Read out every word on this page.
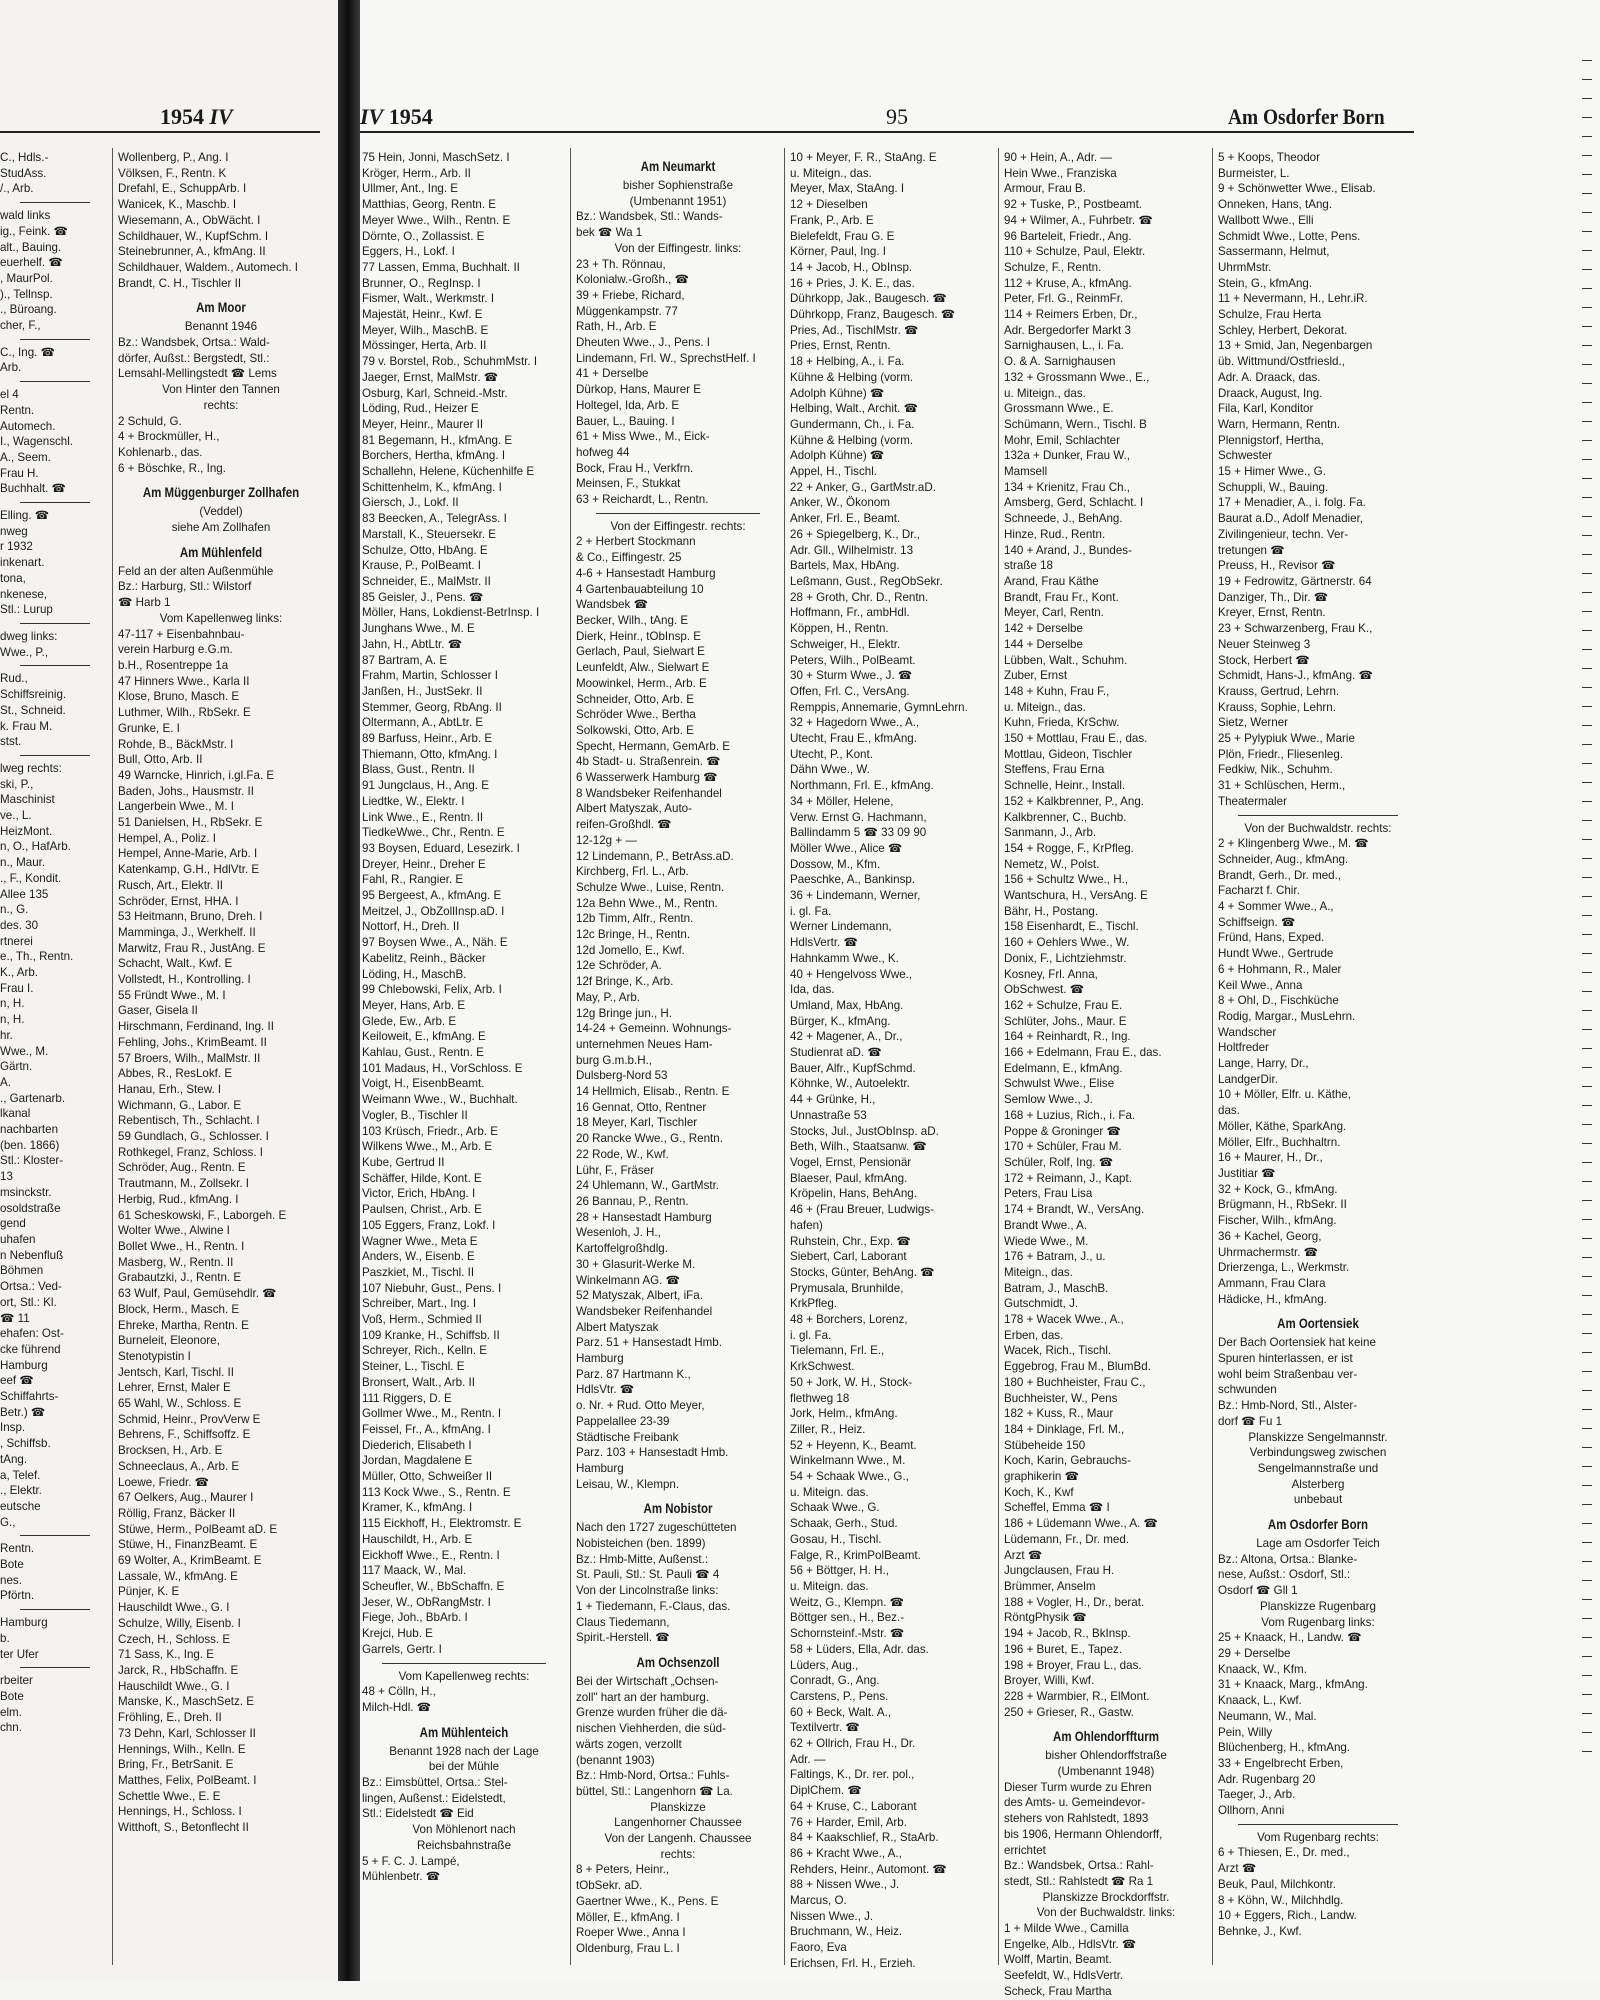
1954 IV
C., Hdls.-
StudAss.
/., Arb.
wald links
ig., Feink. ☎
alt., Bauing.
euerhelf. ☎
, MaurPol.
)., Tellnsp.
., Büroang.
cher, F.,
C., Ing. ☎
Arb.
el 4
Rentn.
Automech.
I., Wagenschl.
A., Seem.
Frau H.
Buchhalt. ☎
Elling. ☎
nweg
r 1932
inkenart.
tona,
nkenese,
Stl.: Lurup
dweg links:
Wwe., P.,
Rud.,
Schiffsreinig.
St., Schneid.
k. Frau M.
stst.
lweg rechts:
ski, P.,
Maschinist
ve., L.
HeizMont.
n, O., HafArb.
n., Maur.
., F., Kondit.
Allee 135
n., G.
des. 30
rtnerei
e., Th., Rentn.
K., Arb.
Frau I.
n, H.
n, H.
hr.
Wwe., M.
Gärtn.
A.
., Gartenarb.
lkanal
nachbarten
(ben. 1866)
Stl.: Kloster-
13
msinckstr.
osoldstraße
gend
uhafen
n Nebenfluß
Böhmen
Ortsa.: Ved-
ort, Stl.: Kl.
☎ 11
ehafen: Ost-
cke führend
Hamburg
eef ☎
Schiffahrts-
Betr.) ☎
Insp.
, Schiffsb.
tAng.
a, Telef.
., Elektr.
eutsche
G.,
Rentn.
Bote
nes.
Pförtn.
Hamburg
b.
ter Ufer
rbeiter
Bote
elm.
chn.
Wollenberg, P., Ang. I
Völksen, F., Rentn. K
Drefahl, E., SchuppArb. I
Wanicek, K., Maschb. I
Wiesemann, A., ObWächt. I
Schildhauer, W., KupfSchm. I
Steinebrunner, A., kfmAng. II
Schildhauer, Waldem., Automech. I
Brandt, C. H., Tischler II
Am Moor
Benannt 1946
Bz.: Wandsbek, Ortsa.: Wald-
dörfer, Außst.: Bergstedt, Stl.:
Lemsahl-Mellingstedt ☎ Lems
Von Hinter den Tannen
rechts:
2 Schuld, G.
4 + Brockmüller, H.,
Kohlenarb., das.
6 + Böschke, R., Ing.
Am Müggenburger Zollhafen
(Veddel)
siehe Am Zollhafen
Am Mühlenfeld
Feld an der alten Außenmühle
Bz.: Harburg, Stl.: Wilstorf
☎ Harb 1
Vom Kapellenweg links:
47-117 + Eisenbahnbau-
verein Harburg e.G.m.
b.H., Rosentreppe 1a
47 Hinners Wwe., Karla II
Klose, Bruno, Masch. E
Luthmer, Wilh., RbSekr. E
Grunke, E. I
Rohde, B., BäckMstr. I
Bull, Otto, Arb. II
49 Warncke, Hinrich, i.gl.Fa. E
Baden, Johs., Hausmstr. II
Langerbein Wwe., M. I
51 Danielsen, H., RbSekr. E
Hempel, A., Poliz. I
Hempel, Anne-Marie, Arb. I
Katenkamp, G.H., HdlVtr. E
Rusch, Art., Elektr. II
Schröder, Ernst, HHA. I
53 Heitmann, Bruno, Dreh. I
Mamminga, J., Werkhelf. II
Marwitz, Frau R., JustAng. E
Schacht, Walt., Kwf. E
Vollstedt, H., Kontrolling. I
55 Fründt Wwe., M. I
Gaser, Gisela II
Hirschmann, Ferdinand, Ing. II
Fehling, Johs., KrimBeamt. II
57 Broers, Wilh., MalMstr. II
Abbes, R., ResLokf. E
Hanau, Erh., Stew. I
Wichmann, G., Labor. E
Rebentisch, Th., Schlacht. I
59 Gundlach, G., Schlosser. I
Rothkegel, Franz, Schloss. I
Schröder, Aug., Rentn. E
Trautmann, M., Zollsekr. I
Herbig, Rud., kfmAng. I
61 Scheskowski, F., Laborgeh. E
Wolter Wwe., Alwine I
Bollet Wwe., H., Rentn. I
Masberg, W., Rentn. II
Grabautzki, J., Rentn. E
63 Wulf, Paul, Gemüsehdlr. ☎
Block, Herm., Masch. E
Ehreke, Martha, Rentn. E
Burneleit, Eleonore,
Stenotypistin I
Jentsch, Karl, Tischl. II
Lehrer, Ernst, Maler E
65 Wahl, W., Schloss. E
Schmid, Heinr., ProvVerw E
Behrens, F., Schiffsoffz. E
Brocksen, H., Arb. E
Schneeclaus, A., Arb. E
Loewe, Friedr. ☎
67 Oelkers, Aug., Maurer I
Röllig, Franz, Bäcker II
Stüwe, Herm., PolBeamt aD. E
Stüwe, H., FinanzBeamt. E
69 Wolter, A., KrimBeamt. E
Lassale, W., kfmAng. E
Pünjer, K. E
Hauschildt Wwe., G. I
Schulze, Willy, Eisenb. I
Czech, H., Schloss. E
71 Sass, K., Ing. E
Jarck, R., HbSchaffn. E
Hauschildt Wwe., G. I
Manske, K., MaschSetz. E
Fröhling, E., Dreh. II
73 Dehn, Karl, Schlosser II
Hennings, Wilh., Kelln. E
Bring, Fr., BetrSanit. E
Matthes, Felix, PolBeamt. I
Schettle Wwe., E. E
Hennings, H., Schloss. I
Witthoft, S., Betonflecht II
IV 1954	95	Am Osdorfer Born
75 Hein, Jonni, MaschSetz. I
Kröger, Herm., Arb. II
Ullmer, Ant., Ing. E
Matthias, Georg, Rentn. E
Meyer Wwe., Wilh., Rentn. E
Dörnte, O., Zollassist. E
Eggers, H., Lokf. I
77 Lassen, Emma, Buchhalt. II
Brunner, O., RegInsp. I
Fismer, Walt., Werkmstr. I
Majestät, Heinr., Kwf. E
Meyer, Wilh., MaschB. E
Mössinger, Herta, Arb. II
79 v. Borstel, Rob., SchuhmMstr. I
Jaeger, Ernst, MalMstr. ☎
Osburg, Karl, Schneid.-Mstr.
Löding, Rud., Heizer E
Meyer, Heinr., Maurer II
81 Begemann, H., kfmAng. E
Borchers, Hertha, kfmAng. I
Schallehn, Helene, Küchenhilfe E
Schittenhelm, K., kfmAng. I
Giersch, J., Lokf. II
83 Beecken, A., TelegrAss. I
Marstall, K., Steuersekr. E
Schulze, Otto, HbAng. E
Krause, P., PolBeamt. I
Schneider, E., MalMstr. II
85 Geisler, J., Pens. ☎
Möller, Hans, Lokdienst-BetrInsp. I
Junghans Wwe., M. E
Jahn, H., AbtLtr. ☎
87 Bartram, A. E
Frahm, Martin, Schlosser I
Janßen, H., JustSekr. II
Stemmer, Georg, RbAng. II
Oltermann, A., AbtLtr. E
89 Barfuss, Heinr., Arb. E
Thiemann, Otto, kfmAng. I
Blass, Gust., Rentn. II
91 Jungclaus, H., Ang. E
Liedtke, W., Elektr. I
Link Wwe., E., Rentn. II
TiedkeWwe., Chr., Rentn. E
93 Boysen, Eduard, Lesezirk. I
Dreyer, Heinr., Dreher E
Fahl, R., Rangier. E
95 Bergeest, A., kfmAng. E
Meitzel, J., ObZollInsp.aD. I
Nottorf, H., Dreh. II
97 Boysen Wwe., A., Näh. E
Kabelitz, Reinh., Bäcker
Löding, H., MaschB.
99 Chlebowski, Felix, Arb. I
Meyer, Hans, Arb. E
Glede, Ew., Arb. E
Keiloweit, E., kfmAng. E
Kahlau, Gust., Rentn. E
101 Madaus, H., VorSchloss. E
Voigt, H., EisenbBeamt.
Weimann Wwe., W., Buchhalt.
Vogler, B., Tischler II
103 Krüsch, Friedr., Arb. E
Wilkens Wwe., M., Arb. E
Kube, Gertrud II
Schäffer, Hilde, Kont. E
Victor, Erich, HbAng. I
Paulsen, Christ., Arb. E
105 Eggers, Franz, Lokf. I
Wagner Wwe., Meta E
Anders, W., Eisenb. E
Paszkiet, M., Tischl. II
107 Niebuhr, Gust., Pens. I
Schreiber, Mart., Ing. I
Voß, Herm., Schmied II
109 Kranke, H., Schiffsb. II
Schreyer, Rich., Kelln. E
Steiner, L., Tischl. E
Bronsert, Walt., Arb. II
111 Riggers, D. E
Gollmer Wwe., M., Rentn. I
Feissel, Fr., A., kfmAng. I
Diederich, Elisabeth I
Jordan, Magdalene E
Müller, Otto, Schweißer II
113 Kock Wwe., S., Rentn. E
Kramer, K., kfmAng. I
115 Eickhoff, H., Elektromstr. E
Hauschildt, H., Arb. E
Eickhoff Wwe., E., Rentn. I
117 Maack, W., Mal.
Scheufler, W., BbSchaffn. E
Jeser, W., ObRangMstr. I
Fiege, Joh., BbArb. I
Krejci, Hub. E
Garrels, Gertr. I
Vom Kapellenweg rechts:
48 + Cölln, H.,
Milch-Hdl. ☎
Am Mühlenteich
Benannt 1928 nach der Lage
bei der Mühle
Bz.: Eimsbüttel, Ortsa.: Stel-
lingen, Außenst.: Eidelstedt,
Stl.: Eidelstedt ☎ Eid
Von Möhlenort nach
Reichsbahnstraße
5 + F. C. J. Lampé,
Mühlenbetr. ☎
Am Neumarkt
bisher Sophienstraße
(Umbenannt 1951)
Bz.: Wandsbek, Stl.: Wands-
bek ☎ Wa 1
Von der Eiffingestr. links:
23 + Th. Rönnau,
Kolonialw.-Großh., ☎
39 + Friebe, Richard,
Müggenkampstr. 77
Rath, H., Arb. E
Dheuten Wwe., J., Pens. I
Lindemann, Frl. W., SprechstHelf. I
41 + Derselbe
Dürkop, Hans, Maurer E
Holtegel, Ida, Arb. E
Bauer, L., Bauing. I
61 + Miss Wwe., M., Eick-
hofweg 44
Bock, Frau H., Verkfrn.
Meinsen, F., Stukkat
63 + Reichardt, L., Rentn.
Von der Eiffingestr. rechts:
2 + Herbert Stockmann
& Co., Eiffingestr. 25
4-6 + Hansestadt Hamburg
4 Gartenbauabteilung 10
Wandsbek ☎
Becker, Wilh., tAng. E
Dierk, Heinr., tObInsp. E
Gerlach, Paul, Sielwart E
Leunfeldt, Alw., Sielwart E
Moowinkel, Herm., Arb. E
Schneider, Otto, Arb. E
Schröder Wwe., Bertha
Solkowski, Otto, Arb. E
Specht, Hermann, GemArb. E
4b Stadt- u. Straßenrein. ☎
6 Wasserwerk Hamburg ☎
8 Wandsbeker Reifenhandel
Albert Matyszak, Auto-
reifen-Großhdl. ☎
12-12g + —
12 Lindemann, P., BetrAss.aD.
Kirchberg, Frl. L., Arb.
Schulze Wwe., Luise, Rentn.
12a Behn Wwe., M., Rentn.
12b Timm, Alfr., Rentn.
12c Bringe, H., Rentn.
12d Jomello, E., Kwf.
12e Schröder, A.
12f Bringe, K., Arb.
May, P., Arb.
12g Bringe jun., H.
14-24 + Gemeinn. Wohnungs-
unternehmen Neues Ham-
burg G.m.b.H.,
Dulsberg-Nord 53
14 Hellmich, Elisab., Rentn. E
16 Gennat, Otto, Rentner
18 Meyer, Karl, Tischler
20 Rancke Wwe., G., Rentn.
22 Rode, W., Kwf.
Lühr, F., Fräser
24 Uhlemann, W., GartMstr.
26 Bannau, P., Rentn.
28 + Hansestadt Hamburg
Wesenloh, J. H.,
Kartoffelgroßhdlg.
30 + Glasurit-Werke M.
Winkelmann AG. ☎
52 Matyszak, Albert, iFa.
Wandsbeker Reifenhandel
Albert Matyszak
Parz. 51 + Hansestadt Hmb.
Hamburg
Parz. 87 Hartmann K.,
HdlsVtr. ☎
o. Nr. + Rud. Otto Meyer,
Pappelallee 23-39
Städtische Freibank
Parz. 103 + Hansestadt Hmb.
Hamburg
Leisau, W., Klempn.
Am Nobistor
Nach den 1727 zugeschütteten
Nobisteichen (ben. 1899)
Bz.: Hmb-Mitte, Außenst.:
St. Pauli, Stl.: St. Pauli ☎ 4
Von der Lincolnstraße links:
1 + Tiedemann, F.-Claus, das.
Claus Tiedemann,
Spirit.-Herstell. ☎
Am Ochsenzoll
Bei der Wirtschaft „Ochsen-
zoll" hart an der hamburg.
Grenze wurden früher die dä-
nischen Viehherden, die süd-
wärts zogen, verzollt
(benannt 1903)
Bz.: Hmb-Nord, Ortsa.: Fuhls-
büttel, Stl.: Langenhorn ☎ La.
Planskizze
Langenhorner Chaussee
Von der Langenh. Chaussee
rechts:
8 + Peters, Heinr.,
tObSekr. aD.
Gaertner Wwe., K., Pens. E
Möller, E., kfmAng. I
Roeper Wwe., Anna I
Oldenburg, Frau L. I
10 + Meyer, F. R., StaAng. E
u. Miteign., das.
Meyer, Max, StaAng. I
12 + Dieselben
Frank, P., Arb. E
Bielefeldt, Frau G. E
Körner, Paul, Ing. I
14 + Jacob, H., ObInsp.
16 + Pries, J. K. E., das.
Dührkopp, Jak., Baugesch. ☎
Dührkopp, Franz, Baugesch. ☎
Pries, Ad., TischlMstr. ☎
Pries, Ernst, Rentn.
18 + Helbing, A., i. Fa.
Kühne & Helbing (vorm.
Adolph Kühne) ☎
Helbing, Walt., Archit. ☎
Gundermann, Ch., i. Fa.
Kühne & Helbing (vorm.
Adolph Kühne) ☎
Appel, H., Tischl.
22 + Anker, G., GartMstr.aD.
Anker, W., Ökonom
Anker, Frl. E., Beamt.
26 + Spiegelberg, K., Dr.,
Adr. Gll., Wilhelmistr. 13
Bartels, Max, HbAng.
Leßmann, Gust., RegObSekr.
28 + Groth, Chr. D., Rentn.
Hoffmann, Fr., ambHdl.
Köppen, H., Rentn.
Schweiger, H., Elektr.
Peters, Wilh., PolBeamt.
30 + Sturm Wwe., J. ☎
Offen, Frl. C., VersAng.
Remppis, Annemarie, GymnLehrn.
32 + Hagedorn Wwe., A.,
Utecht, Frau E., kfmAng.
Utecht, P., Kont.
Dähn Wwe., W.
Northmann, Frl. E., kfmAng.
34 + Möller, Helene,
Verw. Ernst G. Hachmann,
Ballindamm 5 ☎ 33 09 90
Möller Wwe., Alice ☎
Dossow, M., Kfm.
Paeschke, A., Bankinsp.
36 + Lindemann, Werner,
i. gl. Fa.
Werner Lindemann,
HdlsVertr. ☎
Hahnkamm Wwe., K.
40 + Hengelvoss Wwe.,
Ida, das.
Umland, Max, HbAng.
Bürger, K., kfmAng.
42 + Magener, A., Dr.,
Studienrat aD. ☎
Bauer, Alfr., KupfSchmd.
Köhnke, W., Autoelektr.
44 + Grünke, H.,
Unnastraße 53
Stocks, Jul., JustObInsp. aD.
Beth, Wilh., Staatsanw. ☎
Vogel, Ernst, Pensionär
Blaeser, Paul, kfmAng.
Kröpelin, Hans, BehAng.
46 + (Frau Breuer, Ludwigs-
hafen)
Ruhstein, Chr., Exp. ☎
Siebert, Carl, Laborant
Stocks, Günter, BehAng. ☎
Prymusala, Brunhilde,
KrkPfleg.
48 + Borchers, Lorenz,
i. gl. Fa.
Tielemann, Frl. E.,
KrkSchwest.
50 + Jork, W. H., Stock-
flethweg 18
Jork, Helm., kfmAng.
Ziller, R., Heiz.
52 + Heyenn, K., Beamt.
Winkelmann Wwe., M.
54 + Schaak Wwe., G.,
u. Miteign. das.
Schaak Wwe., G.
Schaak, Gerh., Stud.
Gosau, H., Tischl.
Falge, R., KrimPolBeamt.
56 + Böttger, H. H.,
u. Miteign. das.
Weitz, G., Klempn. ☎
Böttger sen., H., Bez.-
Schornsteinf.-Mstr. ☎
58 + Lüders, Ella, Adr. das.
Lüders, Aug.,
Conradt, G., Ang.
Carstens, P., Pens.
60 + Beck, Walt. A.,
Textilvertr. ☎
62 + Ollrich, Frau H., Dr.
Adr. —
Faltings, K., Dr. rer. pol.,
DiplChem. ☎
64 + Kruse, C., Laborant
76 + Harder, Emil, Arb.
84 + Kaakschlief, R., StaArb.
86 + Kracht Wwe., A.,
Rehders, Heinr., Automont. ☎
88 + Nissen Wwe., J.
Marcus, O.
Nissen Wwe., J.
Bruchmann, W., Heiz.
Faoro, Eva
Erichsen, Frl. H., Erzieh.
90 + Hein, A., Adr. —
Hein Wwe., Franziska
Armour, Frau B.
92 + Tuske, P., Postbeamt.
94 + Wilmer, A., Fuhrbetr. ☎
96 Barteleit, Friedr., Ang.
110 + Schulze, Paul, Elektr.
Schulze, F., Rentn.
112 + Kruse, A., kfmAng.
Peter, Frl. G., ReinmFr.
114 + Reimers Erben, Dr.,
Adr. Bergedorfer Markt 3
Sarnighausen, L., i. Fa.
O. & A. Sarnighausen
132 + Grossmann Wwe., E.,
u. Miteign., das.
Grossmann Wwe., E.
Schümann, Wern., Tischl. B
Mohr, Emil, Schlachter
132a + Dunker, Frau W.,
Mamsell
134 + Krienitz, Frau Ch.,
Amsberg, Gerd, Schlacht. I
Schneede, J., BehAng.
Hinze, Rud., Rentn.
140 + Arand, J., Bundes-
straße 18
Arand, Frau Käthe
Brandt, Frau Fr., Kont.
Meyer, Carl, Rentn.
142 + Derselbe
144 + Derselbe
Lübben, Walt., Schuhm.
Zuber, Ernst
148 + Kuhn, Frau F.,
u. Miteign., das.
Kuhn, Frieda, KrSchw.
150 + Mottlau, Frau E., das.
Mottlau, Gideon, Tischler
Steffens, Frau Erna
Schnelle, Heinr., Install.
152 + Kalkbrenner, P., Ang.
Kalkbrenner, C., Buchb.
Sanmann, J., Arb.
154 + Rogge, F., KrPfleg.
Nemetz, W., Polst.
156 + Schultz Wwe., H.,
Wantschura, H., VersAng. E
Bähr, H., Postang.
158 Eisenhardt, E., Tischl.
160 + Oehlers Wwe., W.
Donix, F., Lichtziehmstr.
Kosney, Frl. Anna,
ObSchwest. ☎
162 + Schulze, Frau E.
Schlüter, Johs., Maur. E
164 + Reinhardt, R., Ing.
166 + Edelmann, Frau E., das.
Edelmann, E., kfmAng.
Schwulst Wwe., Elise
Semlow Wwe., J.
168 + Luzius, Rich., i. Fa.
Poppe & Groninger ☎
170 + Schüler, Frau M.
Schüler, Rolf, Ing. ☎
172 + Reimann, J., Kapt.
Peters, Frau Lisa
174 + Brandt, W., VersAng.
Brandt Wwe., A.
Wiede Wwe., M.
176 + Batram, J., u.
Miteign., das.
Batram, J., MaschB.
Gutschmidt, J.
178 + Wacek Wwe., A.,
Erben, das.
Wacek, Rich., Tischl.
Eggebrog, Frau M., BlumBd.
180 + Buchheister, Frau C.,
Buchheister, W., Pens
182 + Kuss, R., Maur
184 + Dinklage, Frl. M.,
Stübeheide 150
Koch, Karin, Gebrauchs-
graphikerin ☎
Koch, K., Kwf
Scheffel, Emma ☎ I
186 + Lüdemann Wwe., A. ☎
Lüdemann, Fr., Dr. med.
Arzt ☎
Jungclausen, Frau H.
Brümmer, Anselm
188 + Vogler, H., Dr., berat.
RöntgPhysik ☎
194 + Jacob, R., BkInsp.
196 + Buret, E., Tapez.
198 + Broyer, Frau L., das.
Broyer, Willi, Kwf.
228 + Warmbier, R., ElMont.
250 + Grieser, R., Gastw.
Am Ohlendorffturm
bisher Ohlendorffstraße
(Umbenannt 1948)
Dieser Turm wurde zu Ehren
des Amts- u. Gemeindevor-
stehers von Rahlstedt, 1893
bis 1906, Hermann Ohlendorff,
errichtet
Bz.: Wandsbek, Ortsa.: Rahl-
stedt, Stl.: Rahlstedt ☎ Ra 1
Planskizze Brockdorffstr.
Von der Buchwaldstr. links:
1 + Milde Wwe., Camilla
Engelke, Alb., HdlsVtr. ☎
Wolff, Martin, Beamt.
Seefeldt, W., HdlsVertr.
Scheck, Frau Martha
5 + Koops, Theodor
Burmeister, L.
9 + Schönwetter Wwe., Elisab.
Onneken, Hans, tAng.
Wallbott Wwe., Elli
Schmidt Wwe., Lotte, Pens.
Sassermann, Helmut,
UhrmMstr.
Stein, G., kfmAng.
11 + Nevermann, H., Lehr.iR.
Schulze, Frau Herta
Schley, Herbert, Dekorat.
13 + Smid, Jan, Negenbargen
üb. Wittmund/Ostfriesld.,
Adr. A. Draack, das.
Draack, August, Ing.
Fila, Karl, Konditor
Warn, Hermann, Rentn.
Plennigstorf, Hertha,
Schwester
15 + Himer Wwe., G.
Schuppli, W., Bauing.
17 + Menadier, A., i. folg. Fa.
Baurat a.D., Adolf Menadier,
Zivilingenieur, techn. Ver-
tretungen ☎
Preuss, H., Revisor ☎
19 + Fedrowitz, Gärtnerstr. 64
Danziger, Th., Dir. ☎
Kreyer, Ernst, Rentn.
23 + Schwarzenberg, Frau K.,
Neuer Steinweg 3
Stock, Herbert ☎
Schmidt, Hans-J., kfmAng. ☎
Krauss, Gertrud, Lehrn.
Krauss, Sophie, Lehrn.
Sietz, Werner
25 + Pylypiuk Wwe., Marie
Plön, Friedr., Fliesenleg.
Fedkiw, Nik., Schuhm.
31 + Schlüschen, Herm.,
Theatermaler
Von der Buchwaldstr. rechts:
2 + Klingenberg Wwe., M. ☎
Schneider, Aug., kfmAng.
Brandt, Gerh., Dr. med.,
Facharzt f. Chir.
4 + Sommer Wwe., A.,
Schiffseign. ☎
Fründ, Hans, Exped.
Hundt Wwe., Gertrude
6 + Hohmann, R., Maler
Keil Wwe., Anna
8 + Ohl, D., Fischküche
Rodig, Margar., MusLehrn.
Wandscher
Holtfreder
Lange, Harry, Dr.,
LandgerDir.
10 + Möller, Elfr. u. Käthe,
das.
Möller, Käthe, SparkAng.
Möller, Elfr., Buchhaltrn.
16 + Maurer, H., Dr.,
Justitiar ☎
32 + Kock, G., kfmAng.
Brügmann, H., RbSekr. II
Fischer, Wilh., kfmAng.
36 + Kachel, Georg,
Uhrmachermstr. ☎
Drierzenga, L., Werkmstr.
Ammann, Frau Clara
Hädicke, H., kfmAng.
Am Oortensiek
Der Bach Oortensiek hat keine
Spuren hinterlassen, er ist
wohl beim Straßenbau ver-
schwunden
Bz.: Hmb-Nord, Stl., Alster-
dorf ☎ Fu 1
Planskizze Sengelmannstr.
Verbindungsweg zwischen
Sengelmannstraße und
Alsterberg
unbebaut
Am Osdorfer Born
Lage am Osdorfer Teich
Bz.: Altona, Ortsa.: Blanke-
nese, Außst.: Osdorf, Stl.:
Osdorf ☎ Gll 1
Planskizze Rugenbarg
Vom Rugenbarg links:
25 + Knaack, H., Landw. ☎
29 + Derselbe
Knaack, W., Kfm.
31 + Knaack, Marg., kfmAng.
Knaack, L., Kwf.
Neumann, W., Mal.
Pein, Willy
Blüchenberg, H., kfmAng.
33 + Engelbrecht Erben,
Adr. Rugenbarg 20
Taeger, J., Arb.
Ollhorn, Anni
Vom Rugenbarg rechts:
6 + Thiesen, E., Dr. med.,
Arzt ☎
Beuk, Paul, Milchkontr.
8 + Köhn, W., Milchhdlg.
10 + Eggers, Rich., Landw.
Behnke, J., Kwf.
